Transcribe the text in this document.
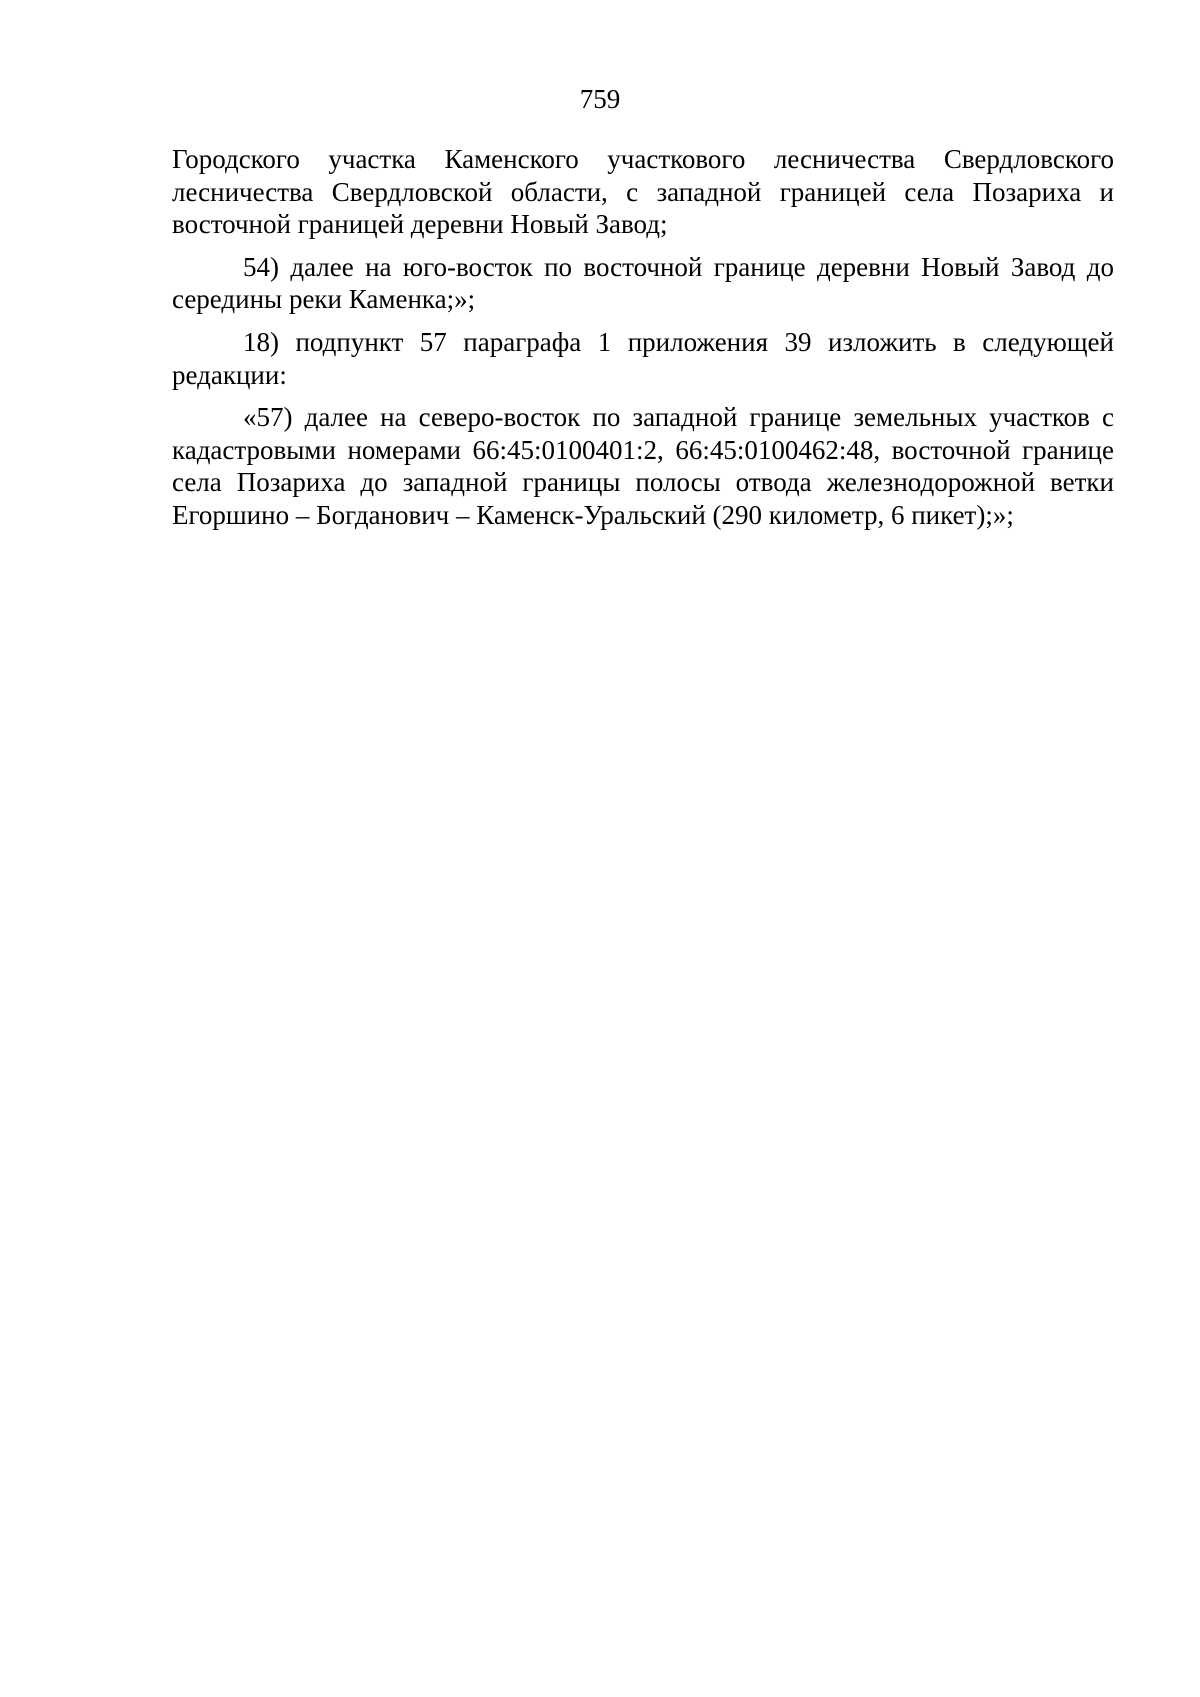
759

Городского участка Каменского участкового лесничества Свердловского лесничества Свердловской области, с западной границей села Позариха и восточной границей деревни Новый Завод;

54) далее на юго-восток по восточной границе деревни Новый Завод до середины реки Каменка;»;

18) подпункт 57 параграфа 1 приложения 39 изложить в следующей редакции:

«57) далее на северо-восток по западной границе земельных участков с кадастровыми номерами 66:45:0100401:2, 66:45:0100462:48, восточной границе села Позариха до западной границы полосы отвода железнодорожной ветки Егоршино – Богданович – Каменск-Уральский (290 километр, 6 пикет);»;
